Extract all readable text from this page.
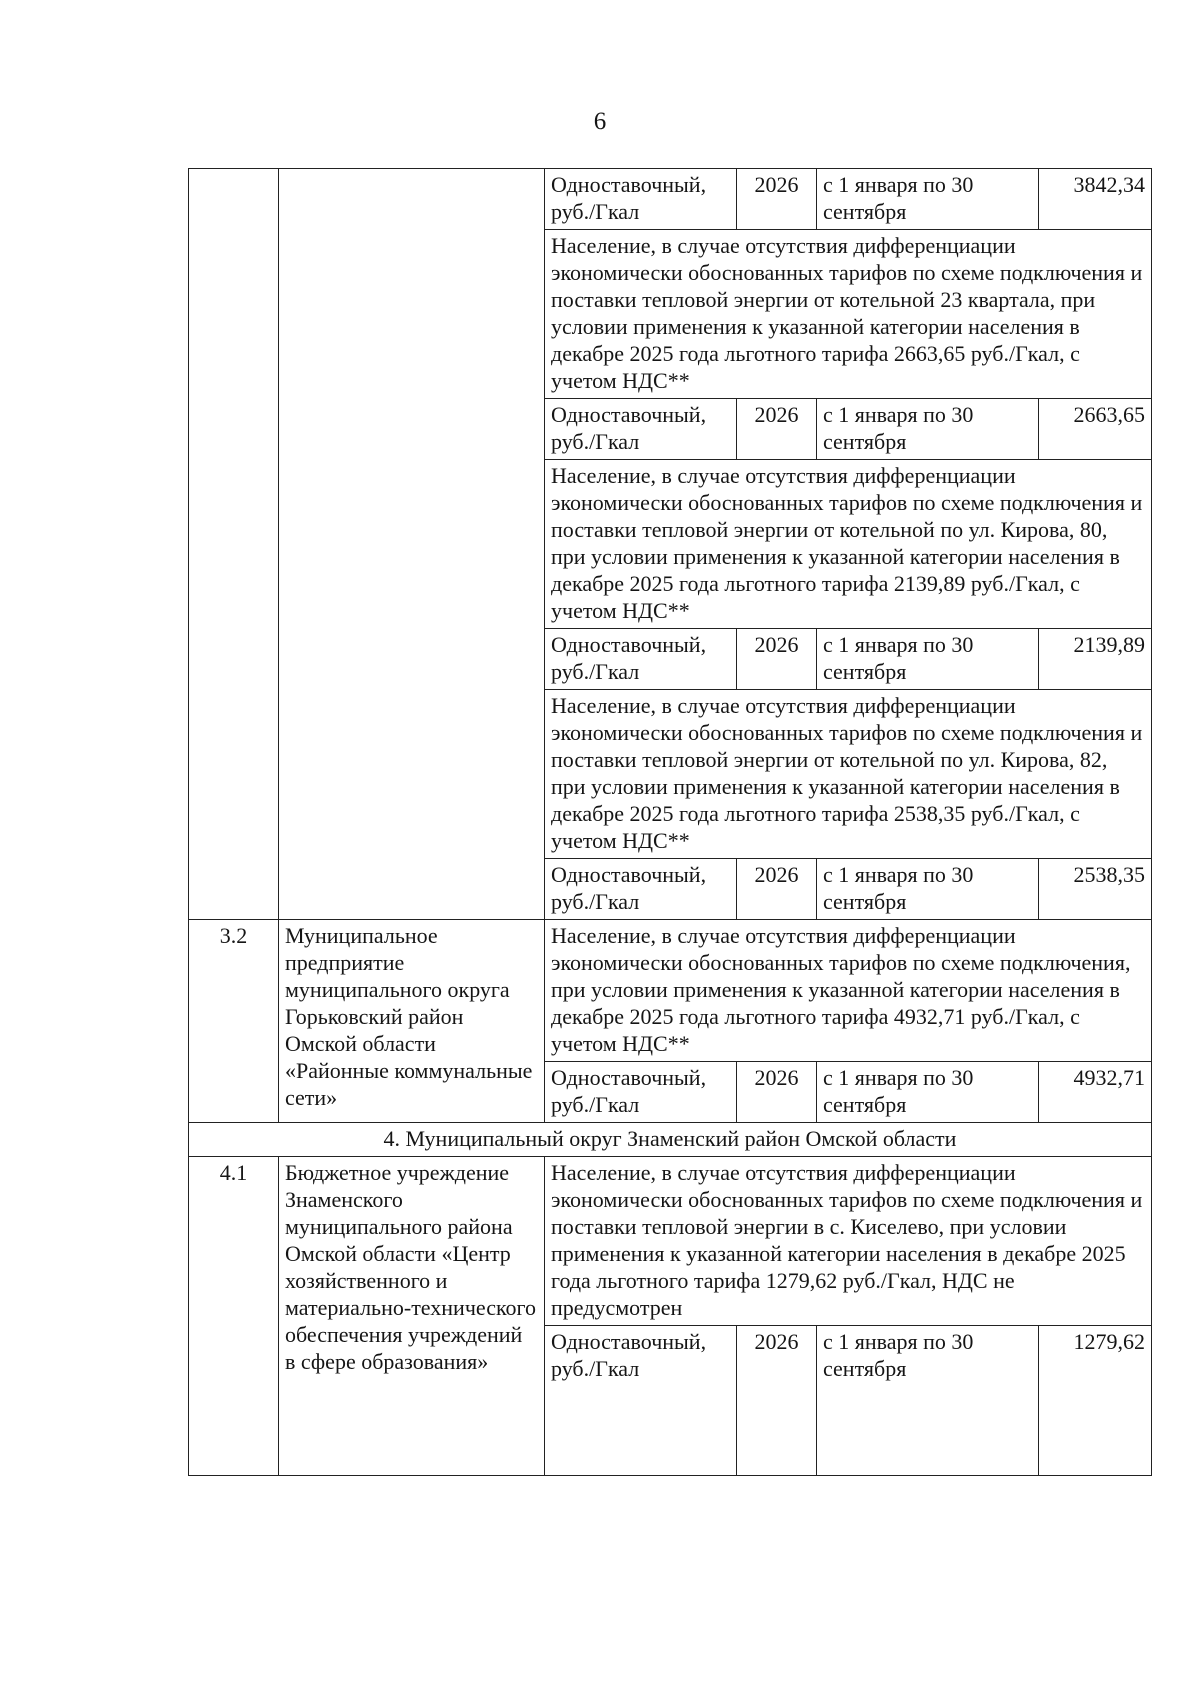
6
		Одноставочный, руб./Гкал	2026	с 1 января по 30 сентября	3842,34
		Население, в случае отсутствия дифференциации экономически обоснованных тарифов по схеме подключения и поставки тепловой энергии от котельной 23 квартала, при условии применения к указанной категории населения в декабре 2025 года льготного тарифа 2663,65 руб./Гкал, с учетом НДС**			
		Одноставочный, руб./Гкал	2026	с 1 января по 30 сентября	2663,65
		Население, в случае отсутствия дифференциации экономически обоснованных тарифов по схеме подключения и поставки тепловой энергии от котельной по ул. Кирова, 80, при условии применения к указанной категории населения в декабре 2025 года льготного тарифа 2139,89 руб./Гкал, с учетом НДС**			
		Одноставочный, руб./Гкал	2026	с 1 января по 30 сентября	2139,89
		Население, в случае отсутствия дифференциации экономически обоснованных тарифов по схеме подключения и поставки тепловой энергии от котельной по ул. Кирова, 82, при условии применения к указанной категории населения в декабре 2025 года льготного тарифа 2538,35 руб./Гкал, с учетом НДС**			
		Одноставочный, руб./Гкал	2026	с 1 января по 30 сентября	2538,35
3.2	Муниципальное предприятие муниципального округа Горьковский район Омской области «Районные коммунальные сети»	Население, в случае отсутствия дифференциации экономически обоснованных тарифов по схеме подключения, при условии применения к указанной категории населения в декабре 2025 года льготного тарифа 4932,71 руб./Гкал, с учетом НДС**			
		Одноставочный, руб./Гкал	2026	с 1 января по 30 сентября	4932,71
4. Муниципальный округ Знаменский район Омской области					
4.1	Бюджетное учреждение Знаменского муниципального района Омской области «Центр хозяйственного и материально-технического обеспечения учреждений в сфере образования»	Население, в случае отсутствия дифференциации экономически обоснованных тарифов по схеме подключения и поставки тепловой энергии в с. Киселево, при условии применения к указанной категории населения в декабре 2025 года льготного тарифа 1279,62 руб./Гкал, НДС не предусмотрен			
		Одноставочный, руб./Гкал	2026	с 1 января по 30 сентября	1279,62
